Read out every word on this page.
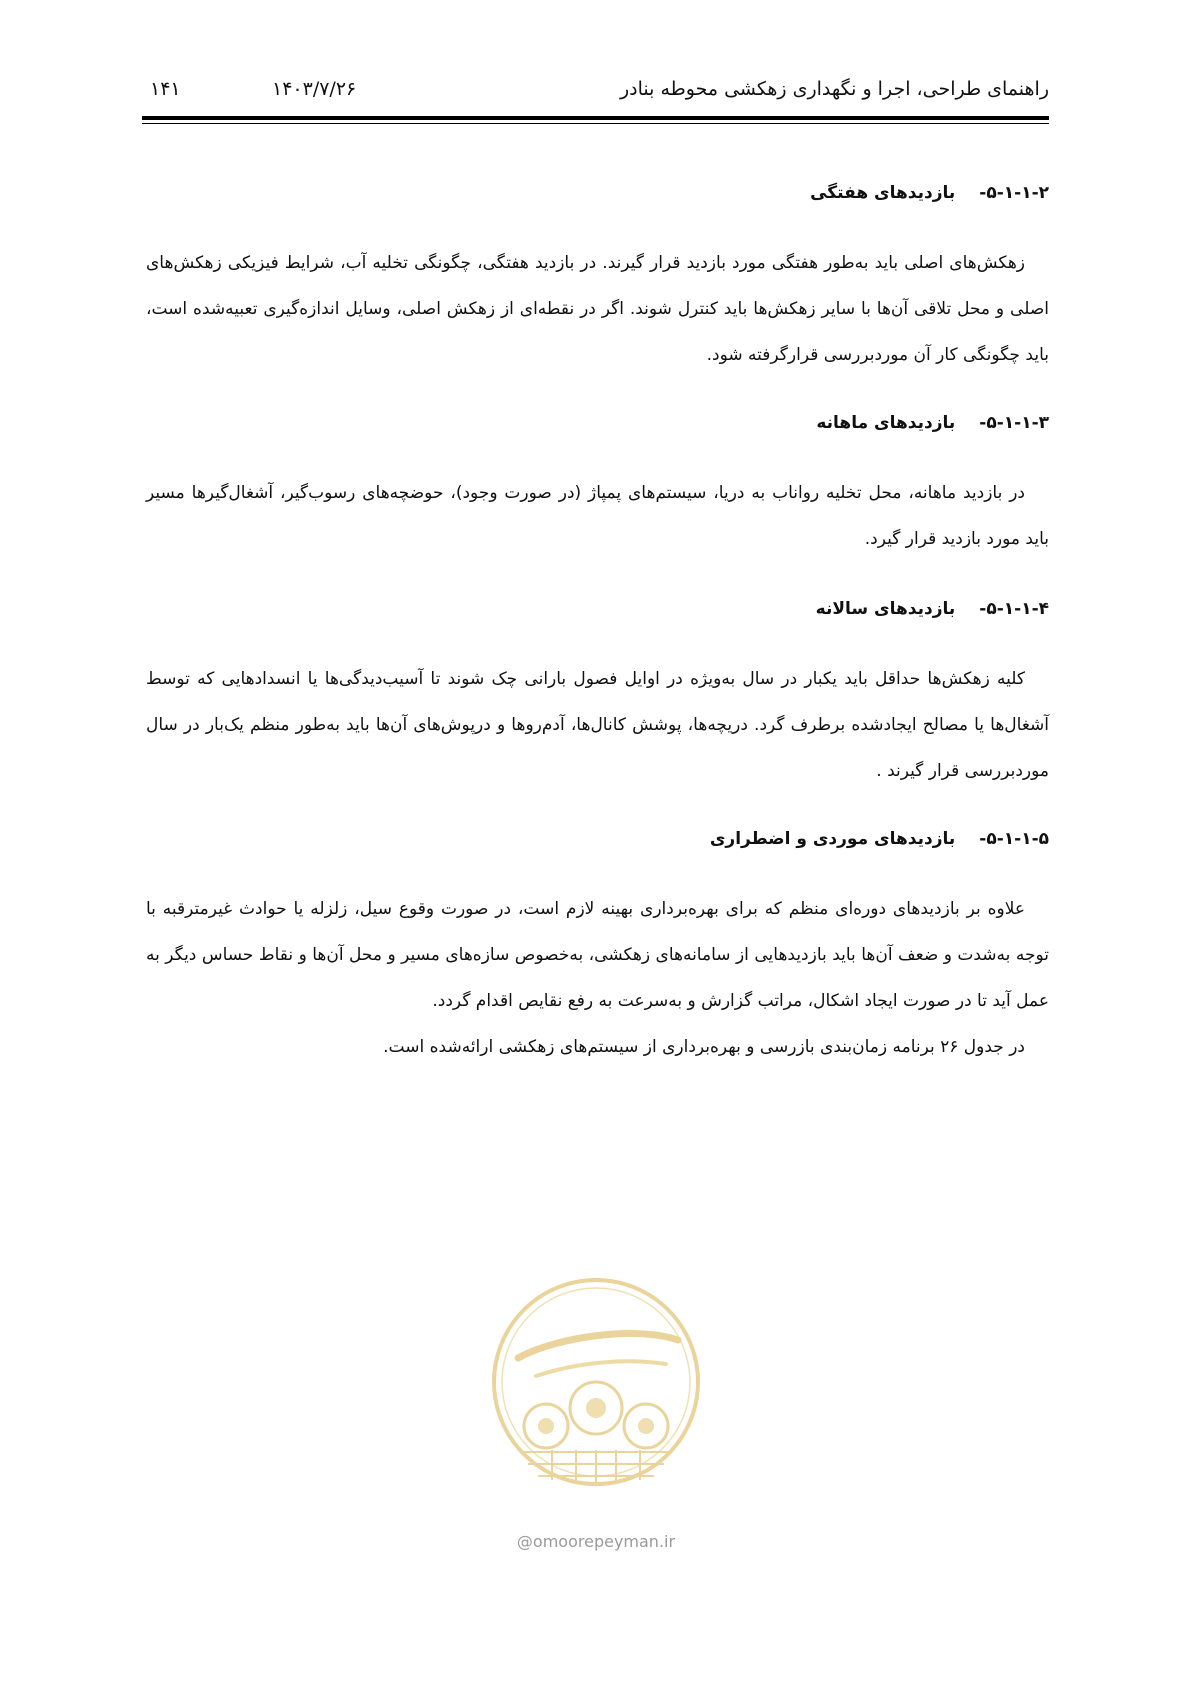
۱۴۱	۱۴۰۳/۷/۲۶	راهنمای طراحی، اجرا و نگهداری زهکشی محوطه بنادر
۵-۱-۱-۲-بازدیدهای هفتگی

زهکش‌های اصلی باید به‌طور هفتگی مورد بازدید قرار گیرند. در بازدید هفتگی، چگونگی تخلیه آب، شرایط فیزیکی زهکش‌های اصلی و محل تلاقی آن‌ها با سایر زهکش‌ها باید کنترل شوند. اگر در نقطه‌ای از زهکش اصلی، وسایل اندازه‌گیری تعبیه‌شده است، باید چگونگی کار آن موردبررسی قرارگرفته شود.

۵-۱-۱-۳-بازدیدهای ماهانه

در بازدید ماهانه، محل تخلیه رواناب به دریا، سیستم‌های پمپاژ (در صورت وجود)، حوضچه‌های رسوب‌گیر، آشغال‌گیرها مسیر باید مورد بازدید قرار گیرد.

۵-۱-۱-۴-بازدیدهای سالانه

کلیه زهکش‌ها حداقل باید یکبار در سال به‌ویژه در اوایل فصول بارانی چک شوند تا آسیب‌دیدگی‌ها یا انسدادهایی که توسط آشغال‌ها یا مصالح ایجادشده برطرف گرد. دریچه‌ها، پوشش کانال‌ها، آدم‌روها و درپوش‌های آن‌ها باید به‌طور منظم یک‌بار در سال موردبررسی قرار گیرند .

۵-۱-۱-۵-بازدیدهای موردی و اضطراری

علاوه بر بازدیدهای دوره‌ای منظم که برای بهره‌برداری بهینه لازم است، در صورت وقوع سیل، زلزله یا حوادث غیرمترقبه با توجه به‌شدت و ضعف آن‌ها باید بازدیدهایی از سامانه‌های زهکشی، به‌خصوص سازه‌های مسیر و محل آن‌ها و نقاط حساس دیگر به عمل آید تا در صورت ایجاد اشکال، مراتب گزارش و به‌سرعت به رفع نقایص اقدام گردد.

در جدول ۲۶ برنامه زمان‌بندی بازرسی و بهره‌برداری از سیستم‌های زهکشی ارائه‌شده است.

@omoorepeyman.ir
